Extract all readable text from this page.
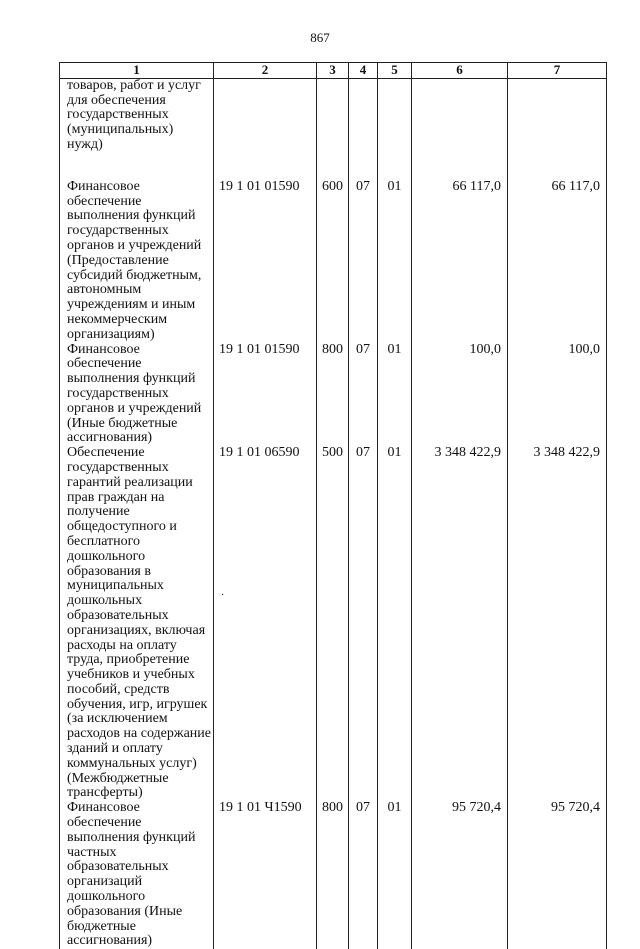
867
1	2	3	4	5	6	7
товаров, работ и услуг для обеспечения государственных (муниципальных) нужд)						
Финансовое обеспечение выполнения функций государственных органов и учреждений (Предоставление субсидий бюджетным, автономным учреждениям и иным некоммерческим организациям)	19 1 01 01590	600	07	01	66 117,0	66 117,0
Финансовое обеспечение выполнения функций государственных органов и учреждений (Иные бюджетные ассигнования)	19 1 01 01590	800	07	01	100,0	100,0
Обеспечение государственных гарантий реализации прав граждан на получение общедоступного и бесплатного дошкольного образования в муниципальных дошкольных образовательных организациях, включая расходы на оплату труда, приобретение учебников и учебных пособий, средств обучения, игр, игрушек (за исключением расходов на содержание зданий и оплату коммунальных услуг) (Межбюджетные трансферты)	19 1 01 06590	500	07	01	3 348 422,9	3 348 422,9
Финансовое обеспечение выполнения функций частных образовательных организаций дошкольного образования (Иные бюджетные ассигнования)	19 1 01 Ч1590	800	07	01	95 720,4	95 720,4
·
